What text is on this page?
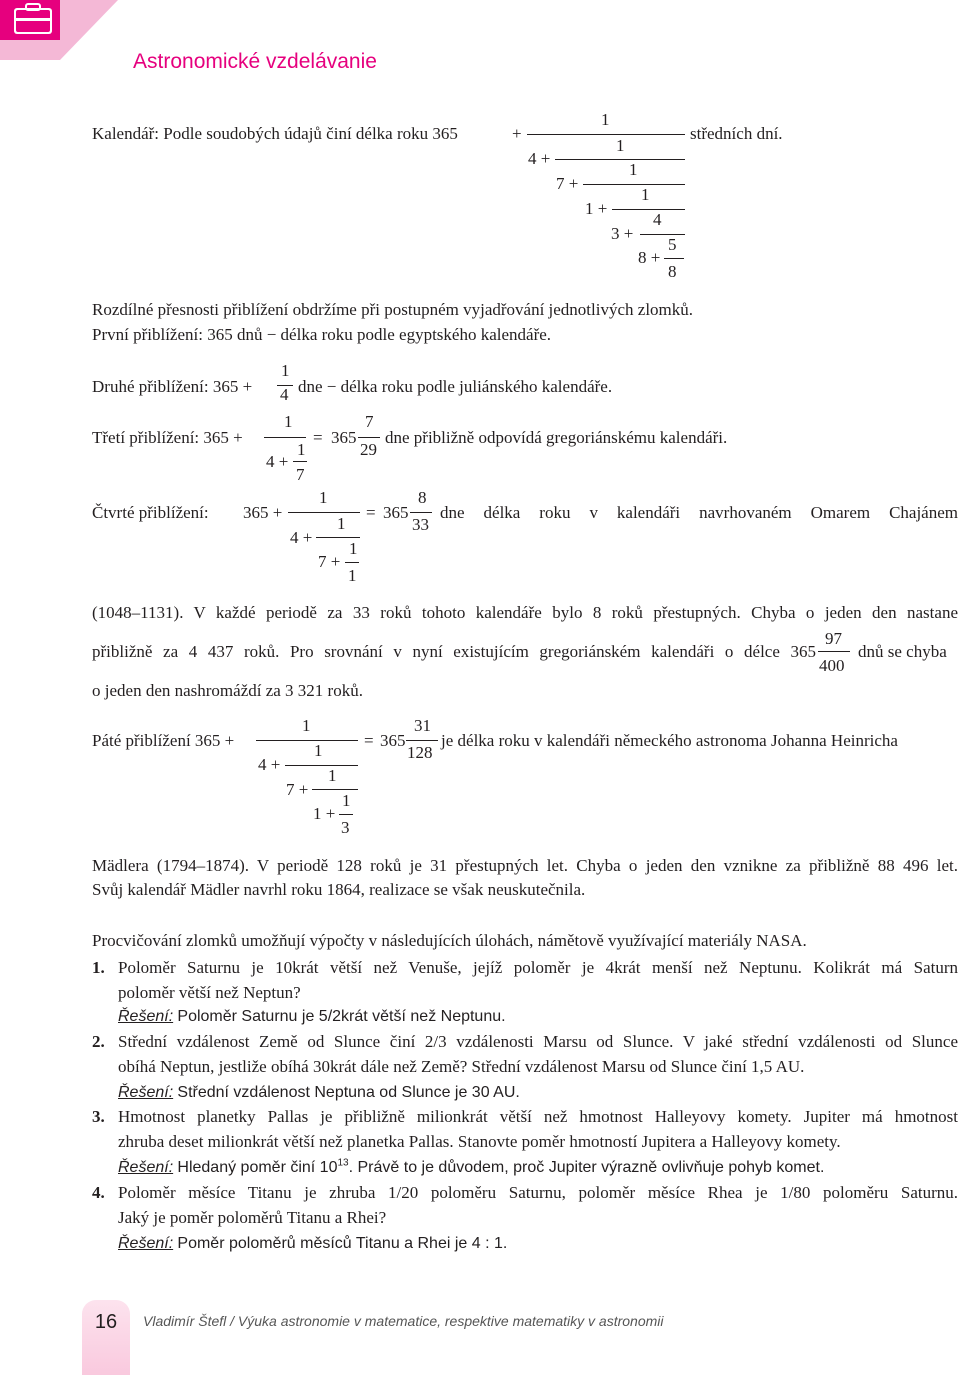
Astronomické vzdelávanie
Kalendář: Podle soudobých údajů činí délka roku 365	+
1
středních dní.
4 +
1
7 +
1
1 +
1
3 +
4
8 +
5
8
Rozdílné přesnosti přiblížení obdržíme při postupném vyjadřování jednotlivých zlomků.
První přiblížení: 365 dnů − délka roku podle egyptského kalendáře.
Druhé přiblížení: 365 +
1
4 dne − délka roku podle juliánského kalendáře.
Třetí přiblížení: 365 +
1
4 +
1
7
= 365
7
29
dne přibližně odpovídá gregoriánskému kalendáři.
Čtvrté přiblížení: 365 +
1
4 +
1
7 +
1
1
= 365
8
33
dne délka roku v kalendáři navrhovaném Omarem Chajánem
(1048–1131). V každé periodě za 33 roků tohoto kalendáře bylo 8 roků přestupných. Chyba o jeden den nastane
přibližně za 4 437 roků. Pro srovnání v nyní existujícím gregoriánském kalendáři o délce 365
97
400
dnů se chyba
o jeden den nashromáždí za 3 321 roků.
Páté přiblížení 365 +
1
4 +
1
7 +
1
1 +
1
3
= 365
31
128
je délka roku v kalendáři německého astronoma Johanna Heinricha
Mädlera (1794–1874). V periodě 128 roků je 31 přestupných let. Chyba o jeden den vznikne za přibližně 88 496 let.
Svůj kalendář Mädler navrhl roku 1864, realizace se však neuskutečnila.
Procvičování zlomků umožňují výpočty v následujících úlohách, námětově využívající materiály NASA.
1. Poloměr Saturnu je 10krát větší než Venuše, jejíž poloměr je 4krát menší než Neptunu. Kolikrát má Saturn
poloměr větší než Neptun?
Řešení: Poloměr Saturnu je 5/2krát větší než Neptunu.
2. Střední vzdálenost Země od Slunce činí 2/3 vzdálenosti Marsu od Slunce. V jaké střední vzdálenosti od Slunce
obíhá Neptun, jestliže obíhá 30krát dále než Země? Střední vzdálenost Marsu od Slunce činí 1,5 AU.
Řešení: Střední vzdálenost Neptuna od Slunce je 30 AU.
3. Hmotnost planetky Pallas je přibližně milionkrát větší než hmotnost Halleyovy komety. Jupiter má hmotnost
zhruba deset milionkrát větší než planetka Pallas. Stanovte poměr hmotností Jupitera a Halleyovy komety.
Řešení: Hledaný poměr činí $10^{13}$. Právě to je důvodem, proč Jupiter výrazně ovlivňuje pohyb komet.
4. Poloměr měsíce Titanu je zhruba 1/20 poloměru Saturnu, poloměr měsíce Rhea je 1/80 poloměru Saturnu.
Jaký je poměr poloměrů Titanu a Rhei?
Řešení: Poměr poloměrů měsíců Titanu a Rhei je 4 : 1.
16	Vladimír Štefl / Výuka astronomie v matematice, respektive matematiky v astronomii
